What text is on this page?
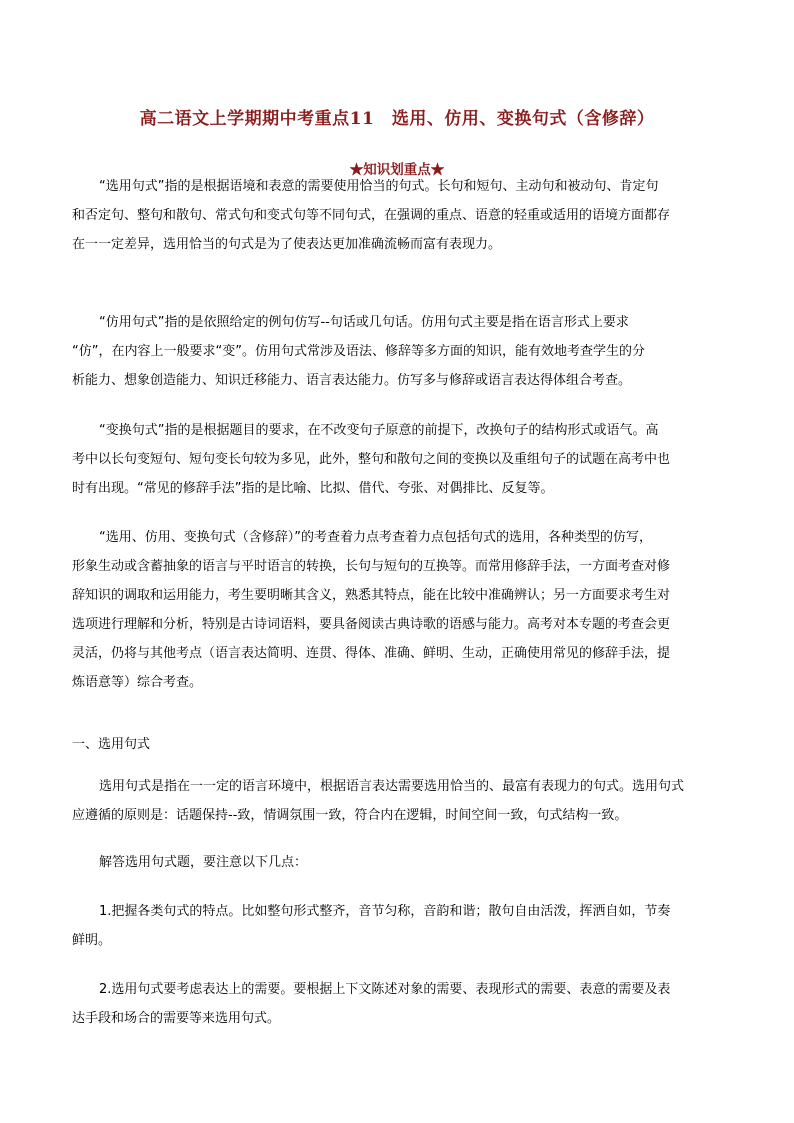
高二语文上学期期中考重点11　选用、仿用、变换句式（含修辞）
★知识划重点★

“选用句式”指的是根据语境和表意的需要使用恰当的句式。长句和短句、主动句和被动句、肯定句
和否定句、整句和散句、常式句和变式句等不同句式，在强调的重点、语意的轻重或适用的语境方面都存
在一一定差异，选用恰当的句式是为了使表达更加准确流畅而富有表现力。

“仿用句式”指的是依照给定的例句仿写--句话或几句话。仿用句式主要是指在语言形式上要求
“仿”，在内容上一般要求“变”。仿用句式常涉及语法、修辞等多方面的知识，能有效地考查学生的分
析能力、想象创造能力、知识迁移能力、语言表达能力。仿写多与修辞或语言表达得体组合考查。

“变换句式”指的是根据题目的要求，在不改变句子原意的前提下，改换句子的结构形式或语气。高
考中以长句变短句、短句变长句较为多见，此外，整句和散句之间的变换以及重组句子的试题在高考中也
时有出现。“常见的修辞手法”指的是比喻、比拟、借代、夸张、对偶排比、反复等。

“选用、仿用、变换句式（含修辞）”的考查着力点考查着力点包括句式的选用，各种类型的仿写，
形象生动或含蓄抽象的语言与平时语言的转换，长句与短句的互换等。而常用修辞手法，一方面考查对修
辞知识的调取和运用能力，考生要明晰其含义，熟悉其特点，能在比较中准确辨认；另一方面要求考生对
选项进行理解和分析，特别是古诗词语料，要具备阅读古典诗歌的语感与能力。高考对本专题的考查会更
灵活，仍将与其他考点（语言表达简明、连贯、得体、准确、鲜明、生动，正确使用常见的修辞手法，提
炼语意等）综合考查。

一、选用句式

选用句式是指在一一定的语言环境中，根据语言表达需要选用恰当的、最富有表现力的句式。选用句式
应遵循的原则是：话题保持--致，情调氛围一致，符合内在逻辑，时间空间一致，句式结构一致。

解答选用句式题，要注意以下几点：

1.把握各类句式的特点。比如整句形式整齐，音节匀称，音韵和谐；散句自由活泼，挥洒自如，节奏
鲜明。

2.选用句式要考虑表达上的需要。要根据上下文陈述对象的需要、表现形式的需要、表意的需要及表
达手段和场合的需要等来选用句式。
